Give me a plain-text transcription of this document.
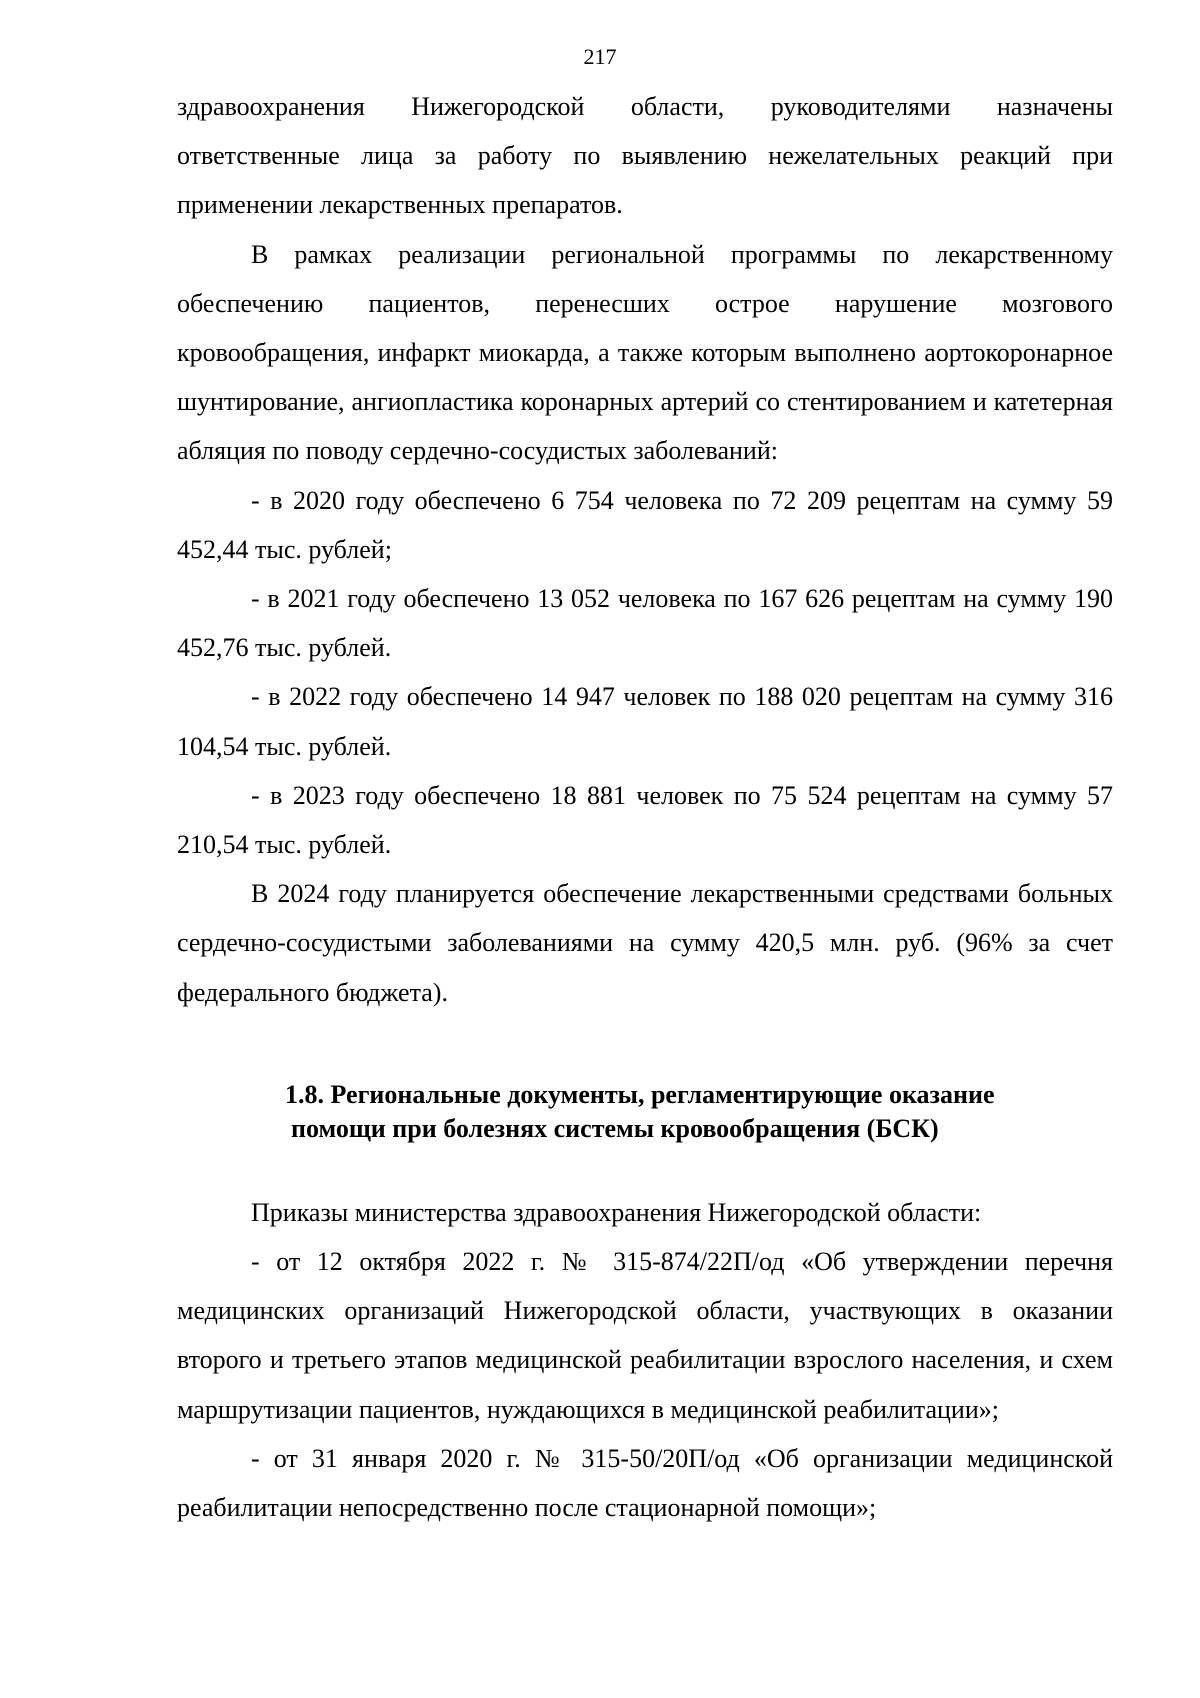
217

здравоохранения Нижегородской области, руководителями назначены ответственные лица за работу по выявлению нежелательных реакций при применении лекарственных препаратов.

В рамках реализации региональной программы по лекарственному обеспечению пациентов, перенесших острое нарушение мозгового кровообращения, инфаркт миокарда, а также которым выполнено аортокоронарное шунтирование, ангиопластика коронарных артерий со стентированием и катетерная абляция по поводу сердечно-сосудистых заболеваний:

- в 2020 году обеспечено 6 754 человека по 72 209 рецептам на сумму 59 452,44 тыс. рублей;

- в 2021 году обеспечено 13 052 человека по 167 626 рецептам на сумму 190 452,76 тыс. рублей.

- в 2022 году обеспечено 14 947 человек по 188 020 рецептам на сумму 316 104,54 тыс. рублей.

- в 2023 году обеспечено 18 881 человек по 75 524 рецептам на сумму 57 210,54 тыс. рублей.

В 2024 году планируется обеспечение лекарственными средствами больных сердечно-сосудистыми заболеваниями на сумму 420,5 млн. руб. (96% за счет федерального бюджета).

1.8. Региональные документы, регламентирующие оказание
помощи при болезнях системы кровообращения (БСК)

Приказы министерства здравоохранения Нижегородской области:

- от 12 октября 2022 г. № 315-874/22П/од «Об утверждении перечня медицинских организаций Нижегородской области, участвующих в оказании второго и третьего этапов медицинской реабилитации взрослого населения, и схем маршрутизации пациентов, нуждающихся в медицинской реабилитации»;

- от 31 января 2020 г. № 315-50/20П/од «Об организации медицинской реабилитации непосредственно после стационарной помощи»;
